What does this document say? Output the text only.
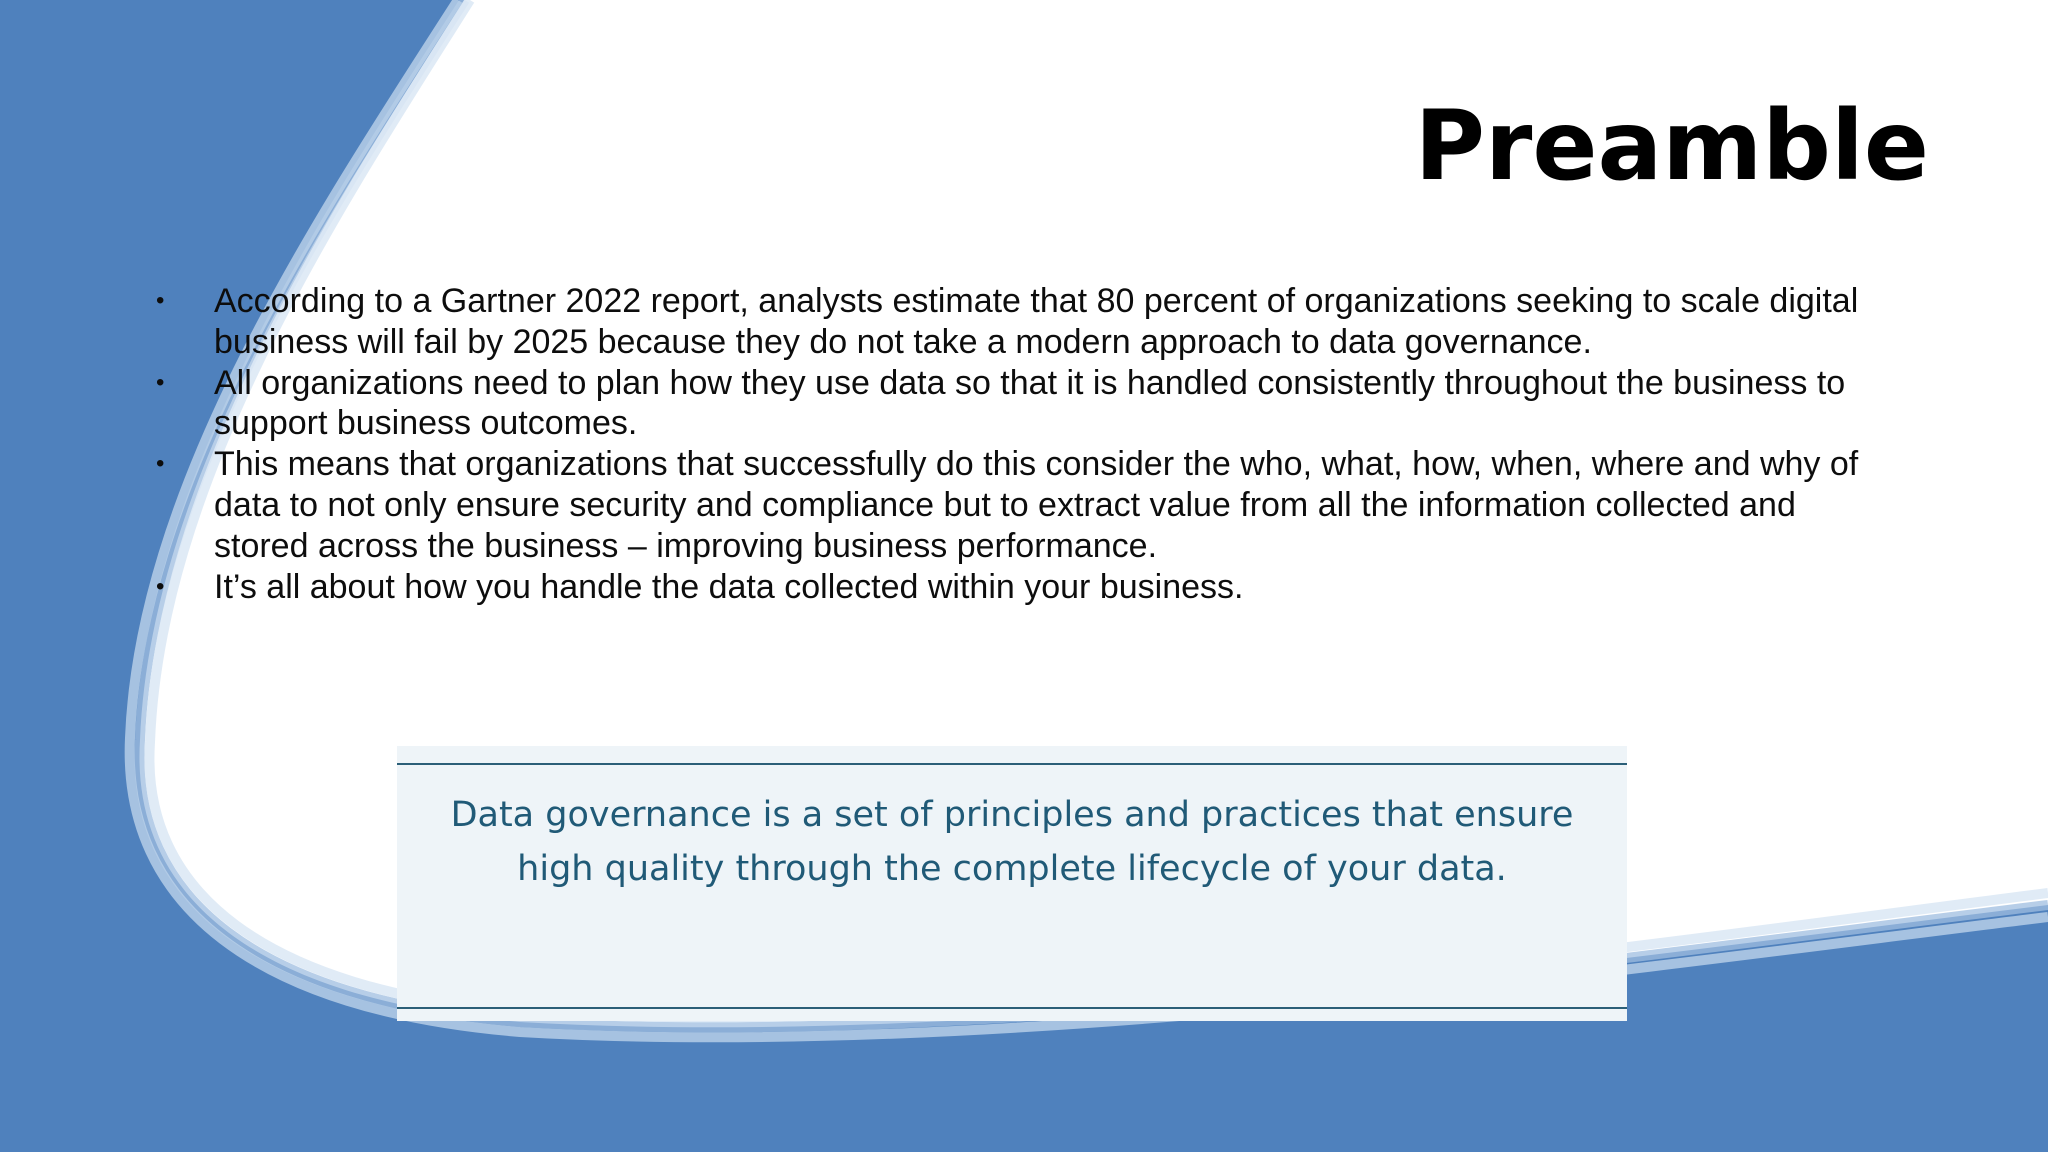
Preamble
• According to a Gartner 2022 report, analysts estimate that 80 percent of organizations seeking to scale digital business will fail by 2025 because they do not take a modern approach to data governance.
• All organizations need to plan how they use data so that it is handled consistently throughout the business to support business outcomes.
• This means that organizations that successfully do this consider the who, what, how, when, where and why of data to not only ensure security and compliance but to extract value from all the information collected and stored across the business – improving business performance.
• It’s all about how you handle the data collected within your business.

Data governance is a set of principles and practices that ensure high quality through the complete lifecycle of your data.
